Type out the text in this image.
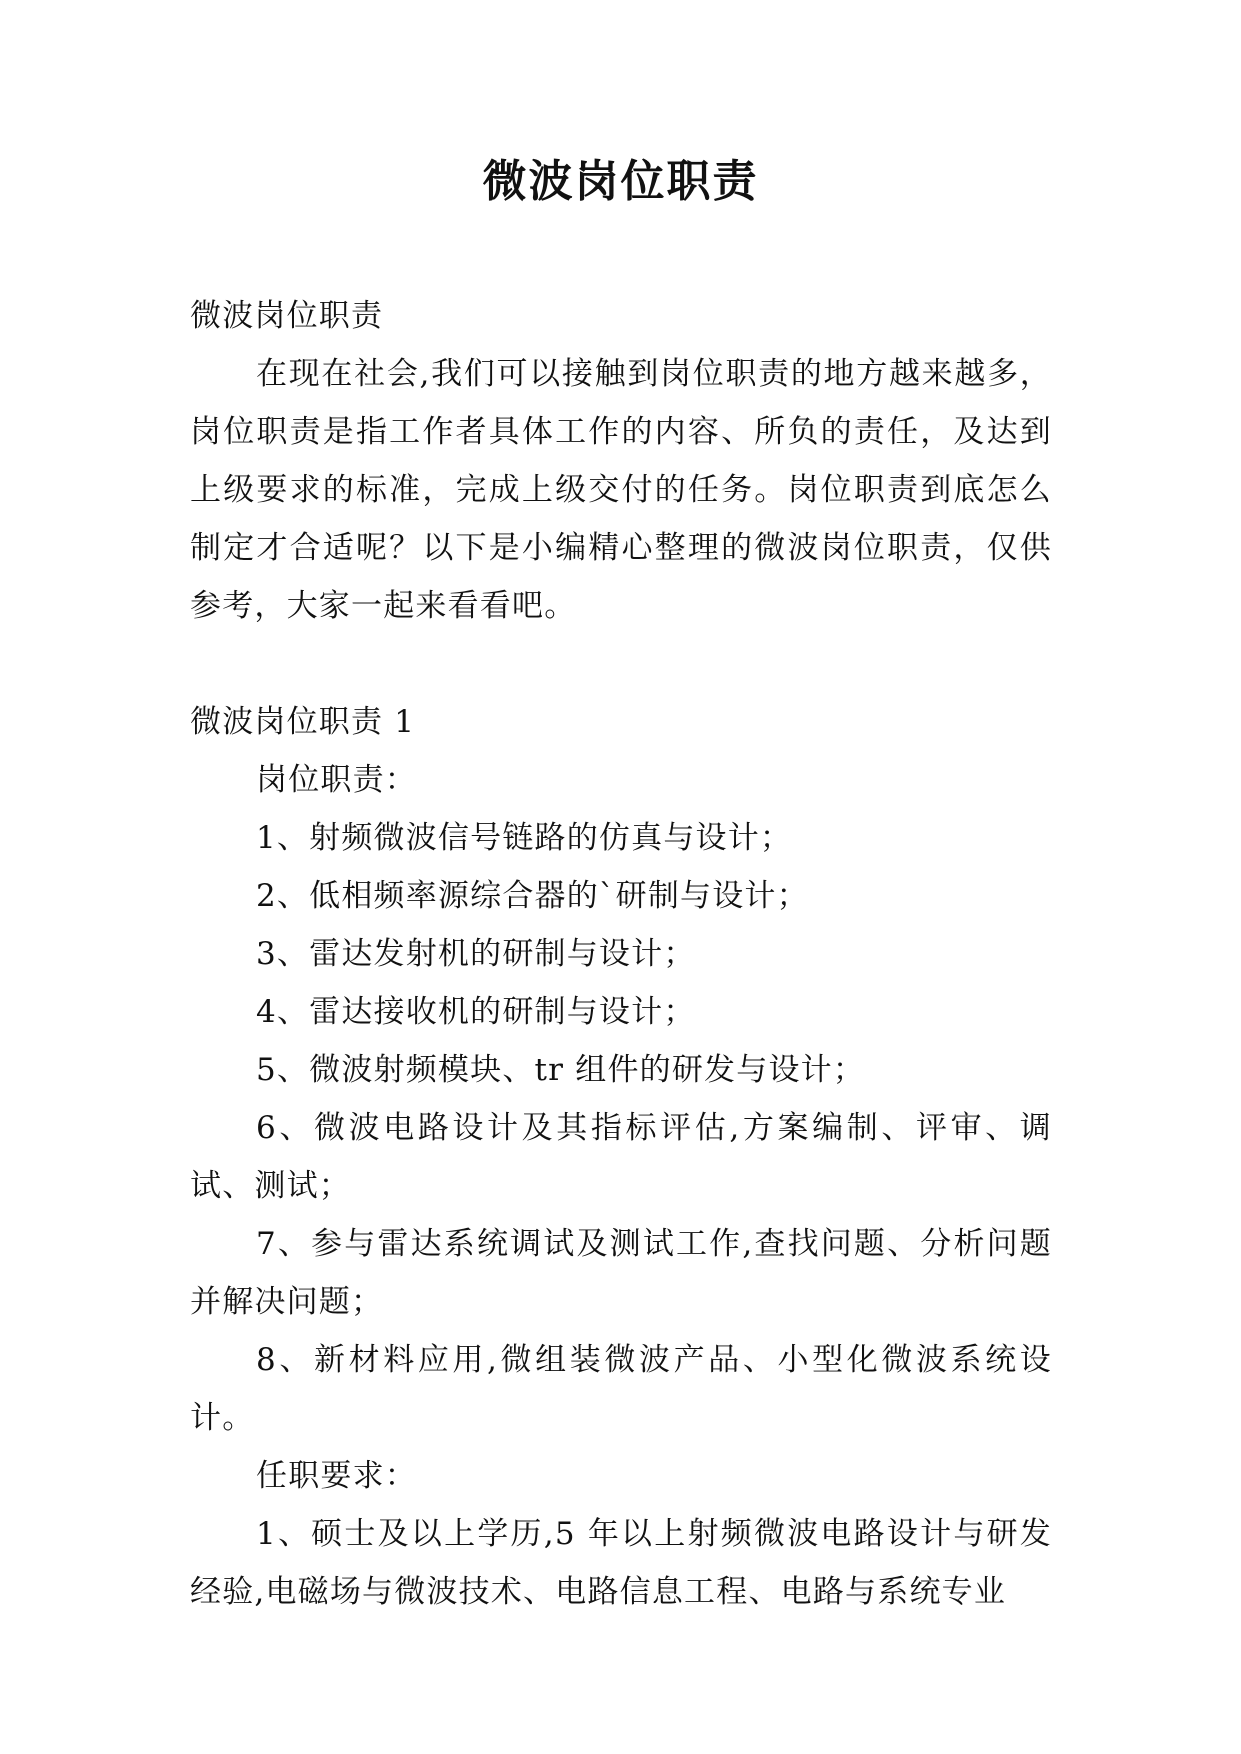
微波岗位职责

微波岗位职责

在现在社会,我们可以接触到岗位职责的地方越来越多，岗位职责是指工作者具体工作的内容、所负的责任，及达到上级要求的标准，完成上级交付的任务。岗位职责到底怎么制定才合适呢？以下是小编精心整理的微波岗位职责，仅供参考，大家一起来看看吧。

微波岗位职责 1

岗位职责：

1、射频微波信号链路的仿真与设计；

2、低相频率源综合器的`研制与设计；

3、雷达发射机的研制与设计；

4、雷达接收机的研制与设计；

5、微波射频模块、tr 组件的研发与设计；

6、微波电路设计及其指标评估,方案编制、评审、调试、测试；

7、参与雷达系统调试及测试工作,查找问题、分析问题并解决问题；

8、新材料应用,微组装微波产品、小型化微波系统设计。

任职要求：

1、硕士及以上学历,5 年以上射频微波电路设计与研发经验,电磁场与微波技术、电路信息工程、电路与系统专业
